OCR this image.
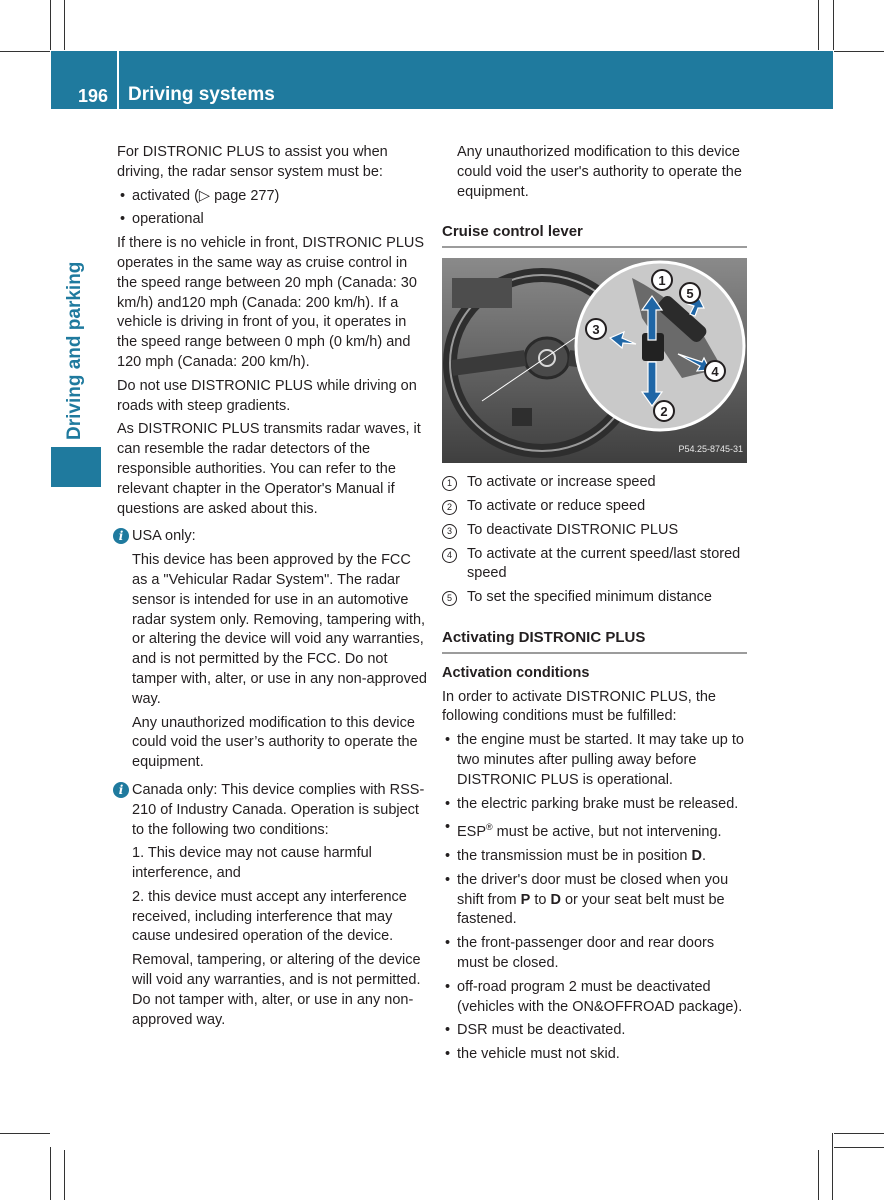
196 Driving systems
Driving and parking

For DISTRONIC PLUS to assist you when driving, the radar sensor system must be:

• activated (▷ page 277)
• operational

If there is no vehicle in front, DISTRONIC PLUS operates in the same way as cruise control in the speed range between 20 mph (Canada: 30 km/h) and120 mph (Canada: 200 km/h). If a vehicle is driving in front of you, it operates in the speed range between 0 mph (0 km/h) and 120 mph (Canada: 200 km/h).

Do not use DISTRONIC PLUS while driving on roads with steep gradients.

As DISTRONIC PLUS transmits radar waves, it can resemble the radar detectors of the responsible authorities. You can refer to the relevant chapter in the Operator's Manual if questions are asked about this.

i USA only:

This device has been approved by the FCC as a "Vehicular Radar System". The radar sensor is intended for use in an automotive radar system only. Removing, tampering with, or altering the device will void any warranties, and is not permitted by the FCC. Do not tamper with, alter, or use in any non-approved way.

Any unauthorized modification to this device could void the user’s authority to operate the equipment.

i Canada only: This device complies with RSS-210 of Industry Canada. Operation is subject to the following two conditions:

1. This device may not cause harmful interference, and

2. this device must accept any interference received, including interference that may cause undesired operation of the device.

Removal, tampering, or altering of the device will void any warranties, and is not permitted. Do not tamper with, alter, or use in any non-approved way.

Any unauthorized modification to this device could void the user's authority to operate the equipment.

Cruise control lever
1
5
3
4
2
P54.25-8745-31
1	To activate or increase speed
2	To activate or reduce speed
3	To deactivate DISTRONIC PLUS
4	To activate at the current speed/last stored speed
5	To set the specified minimum distance
Activating DISTRONIC PLUS
Activation conditions

In order to activate DISTRONIC PLUS, the following conditions must be fulfilled:

• the engine must be started. It may take up to two minutes after pulling away before DISTRONIC PLUS is operational.
• the electric parking brake must be released.
• ESP® must be active, but not intervening.
• the transmission must be in position D.
• the driver's door must be closed when you shift from P to D or your seat belt must be fastened.
• the front-passenger door and rear doors must be closed.
• off-road program 2 must be deactivated (vehicles with the ON&OFFROAD package).
• DSR must be deactivated.
• the vehicle must not skid.
